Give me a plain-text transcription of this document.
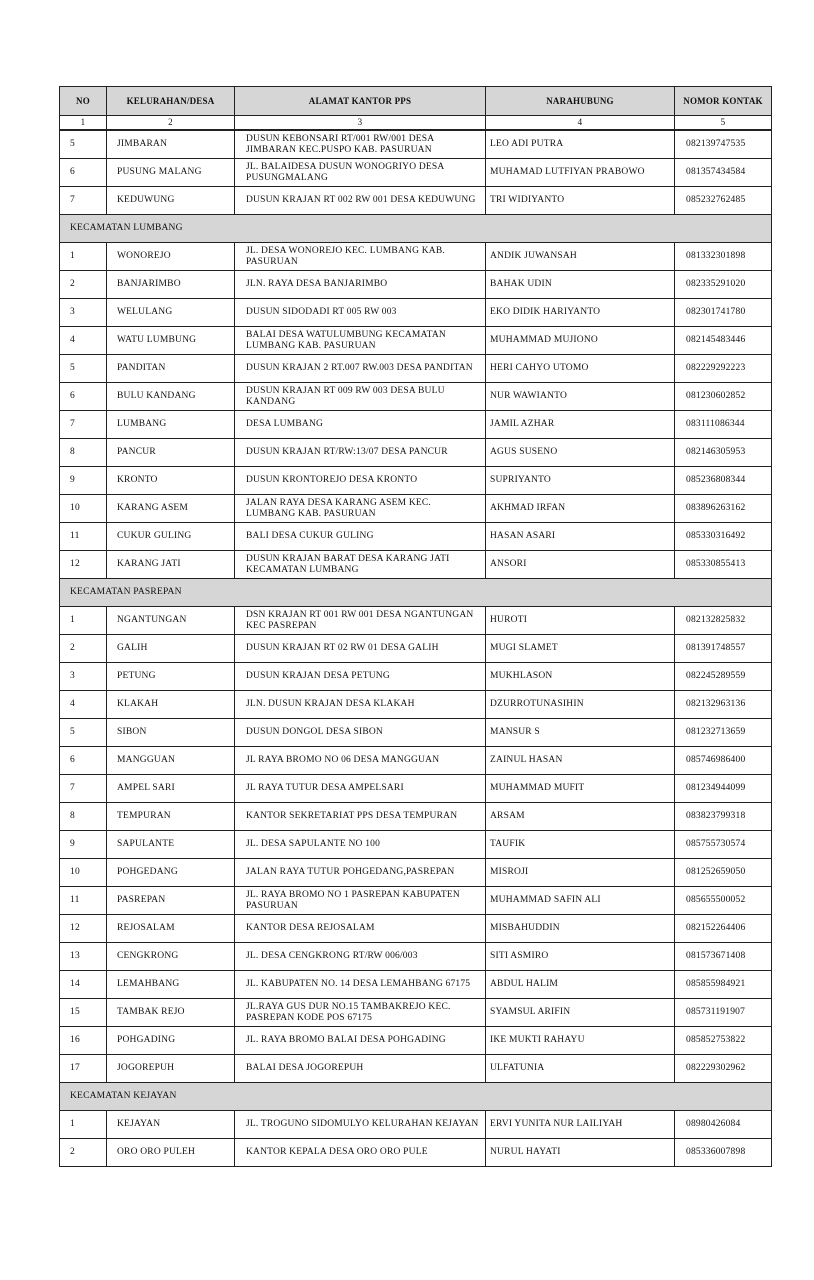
NO	KELURAHAN/DESA	ALAMAT KANTOR PPS	NARAHUBUNG	NOMOR KONTAK
1	2	3	4	5
5	JIMBARAN	DUSUN KEBONSARI RT/001 RW/001 DESA JIMBARAN KEC.PUSPO KAB. PASURUAN	LEO ADI PUTRA	082139747535
6	PUSUNG MALANG	JL. BALAIDESA DUSUN WONOGRIYO DESA PUSUNGMALANG	MUHAMAD LUTFIYAN PRABOWO	081357434584
7	KEDUWUNG	DUSUN KRAJAN RT 002 RW 001 DESA KEDUWUNG	TRI WIDIYANTO	085232762485
KECAMATAN LUMBANG				
1	WONOREJO	JL. DESA WONOREJO KEC. LUMBANG KAB. PASURUAN	ANDIK JUWANSAH	081332301898
2	BANJARIMBO	JLN. RAYA DESA BANJARIMBO	BAHAK UDIN	082335291020
3	WELULANG	DUSUN SIDODADI RT 005 RW 003	EKO DIDIK HARIYANTO	082301741780
4	WATU LUMBUNG	BALAI DESA WATULUMBUNG KECAMATAN LUMBANG KAB. PASURUAN	MUHAMMAD MUJIONO	082145483446
5	PANDITAN	DUSUN KRAJAN 2 RT.007 RW.003 DESA PANDITAN	HERI CAHYO UTOMO	082229292223
6	BULU KANDANG	DUSUN KRAJAN RT 009 RW 003 DESA BULU KANDANG	NUR WAWIANTO	081230602852
7	LUMBANG	DESA LUMBANG	JAMIL AZHAR	083111086344
8	PANCUR	DUSUN KRAJAN RT/RW:13/07 DESA PANCUR	AGUS SUSENO	082146305953
9	KRONTO	DUSUN KRONTOREJO DESA KRONTO	SUPRIYANTO	085236808344
10	KARANG ASEM	JALAN RAYA DESA KARANG ASEM KEC. LUMBANG KAB. PASURUAN	AKHMAD IRFAN	083896263162
11	CUKUR GULING	BALI DESA CUKUR GULING	HASAN ASARI	085330316492
12	KARANG JATI	DUSUN KRAJAN BARAT DESA KARANG JATI KECAMATAN LUMBANG	ANSORI	085330855413
KECAMATAN PASREPAN				
1	NGANTUNGAN	DSN KRAJAN RT 001 RW 001 DESA NGANTUNGAN KEC PASREPAN	HUROTI	082132825832
2	GALIH	DUSUN KRAJAN RT 02 RW 01 DESA GALIH	MUGI SLAMET	081391748557
3	PETUNG	DUSUN KRAJAN DESA PETUNG	MUKHLASON	082245289559
4	KLAKAH	JLN. DUSUN KRAJAN DESA KLAKAH	DZURROTUNASIHIN	082132963136
5	SIBON	DUSUN DONGOL DESA SIBON	MANSUR S	081232713659
6	MANGGUAN	JL RAYA BROMO NO 06 DESA MANGGUAN	ZAINUL HASAN	085746986400
7	AMPEL SARI	JL RAYA TUTUR DESA AMPELSARI	MUHAMMAD MUFIT	081234944099
8	TEMPURAN	KANTOR SEKRETARIAT PPS DESA TEMPURAN	ARSAM	083823799318
9	SAPULANTE	JL. DESA SAPULANTE NO 100	TAUFIK	085755730574
10	POHGEDANG	JALAN RAYA TUTUR POHGEDANG,PASREPAN	MISROJI	081252659050
11	PASREPAN	JL. RAYA BROMO NO 1 PASREPAN KABUPATEN PASURUAN	MUHAMMAD SAFIN ALI	085655500052
12	REJOSALAM	KANTOR DESA REJOSALAM	MISBAHUDDIN	082152264406
13	CENGKRONG	JL. DESA CENGKRONG RT/RW 006/003	SITI ASMIRO	081573671408
14	LEMAHBANG	JL. KABUPATEN NO. 14 DESA LEMAHBANG 67175	ABDUL HALIM	085855984921
15	TAMBAK REJO	JL.RAYA GUS DUR NO.15 TAMBAKREJO KEC. PASREPAN KODE POS 67175	SYAMSUL ARIFIN	085731191907
16	POHGADING	JL. RAYA BROMO BALAI DESA POHGADING	IKE MUKTI RAHAYU	085852753822
17	JOGOREPUH	BALAI DESA JOGOREPUH	ULFATUNIA	082229302962
KECAMATAN KEJAYAN				
1	KEJAYAN	JL. TROGUNO SIDOMULYO KELURAHAN KEJAYAN	ERVI YUNITA NUR LAILIYAH	08980426084
2	ORO ORO PULEH	KANTOR KEPALA DESA ORO ORO PULE	NURUL HAYATI	085336007898
